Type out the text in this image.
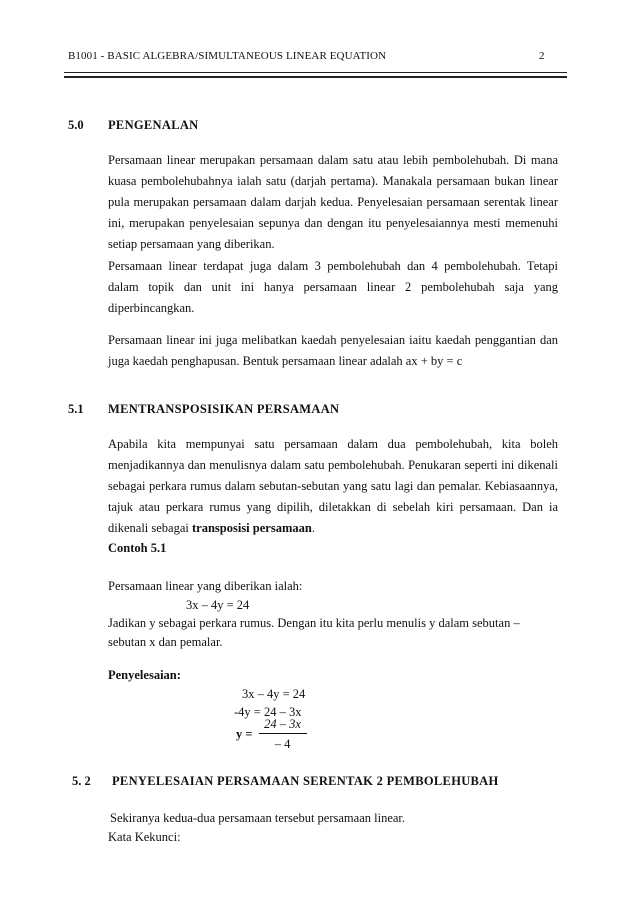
B1001 - BASIC ALGEBRA/SIMULTANEOUS LINEAR EQUATION	2
5.0 PENGENALAN

Persamaan linear merupakan persamaan dalam satu atau lebih pembolehubah. Di mana kuasa pembolehubahnya ialah satu (darjah pertama). Manakala persamaan bukan linear pula merupakan persamaan dalam darjah kedua. Penyelesaian persamaan serentak linear ini, merupakan penyelesaian sepunya dan dengan itu penyelesaiannya mesti memenuhi setiap persamaan yang diberikan.

Persamaan linear terdapat juga dalam 3 pembolehubah dan 4 pembolehubah. Tetapi dalam topik dan unit ini hanya persamaan linear 2 pembolehubah saja yang diperbincangkan.

Persamaan linear ini juga melibatkan kaedah penyelesaian iaitu kaedah penggantian dan juga kaedah penghapusan. Bentuk persamaan linear adalah ax + by = c

5.1 MENTRANSPOSISIKAN PERSAMAAN

Apabila kita mempunyai satu persamaan dalam dua pembolehubah, kita boleh menjadikannya dan menulisnya dalam satu pembolehubah. Penukaran seperti ini dikenali sebagai perkara rumus dalam sebutan-sebutan yang satu lagi dan pemalar. Kebiasaannya, tajuk atau perkara rumus yang dipilih, diletakkan di sebelah kiri persamaan. Dan ia dikenali sebagai transposisi persamaan.

Contoh 5.1
Persamaan linear yang diberikan ialah:
3x – 4y = 24
Jadikan y sebagai perkara rumus. Dengan itu kita perlu menulis y dalam sebutan –
sebutan x dan pemalar.
Penyelesaian:
3x – 4y = 24
-4y = 24 – 3x
$y = \frac{24 - 3x}{- 4}$
5. 2 PENYELESAIAN PERSAMAAN SERENTAK 2 PEMBOLEHUBAH
Sekiranya kedua-dua persamaan tersebut persamaan linear.
Kata Kekunci:
